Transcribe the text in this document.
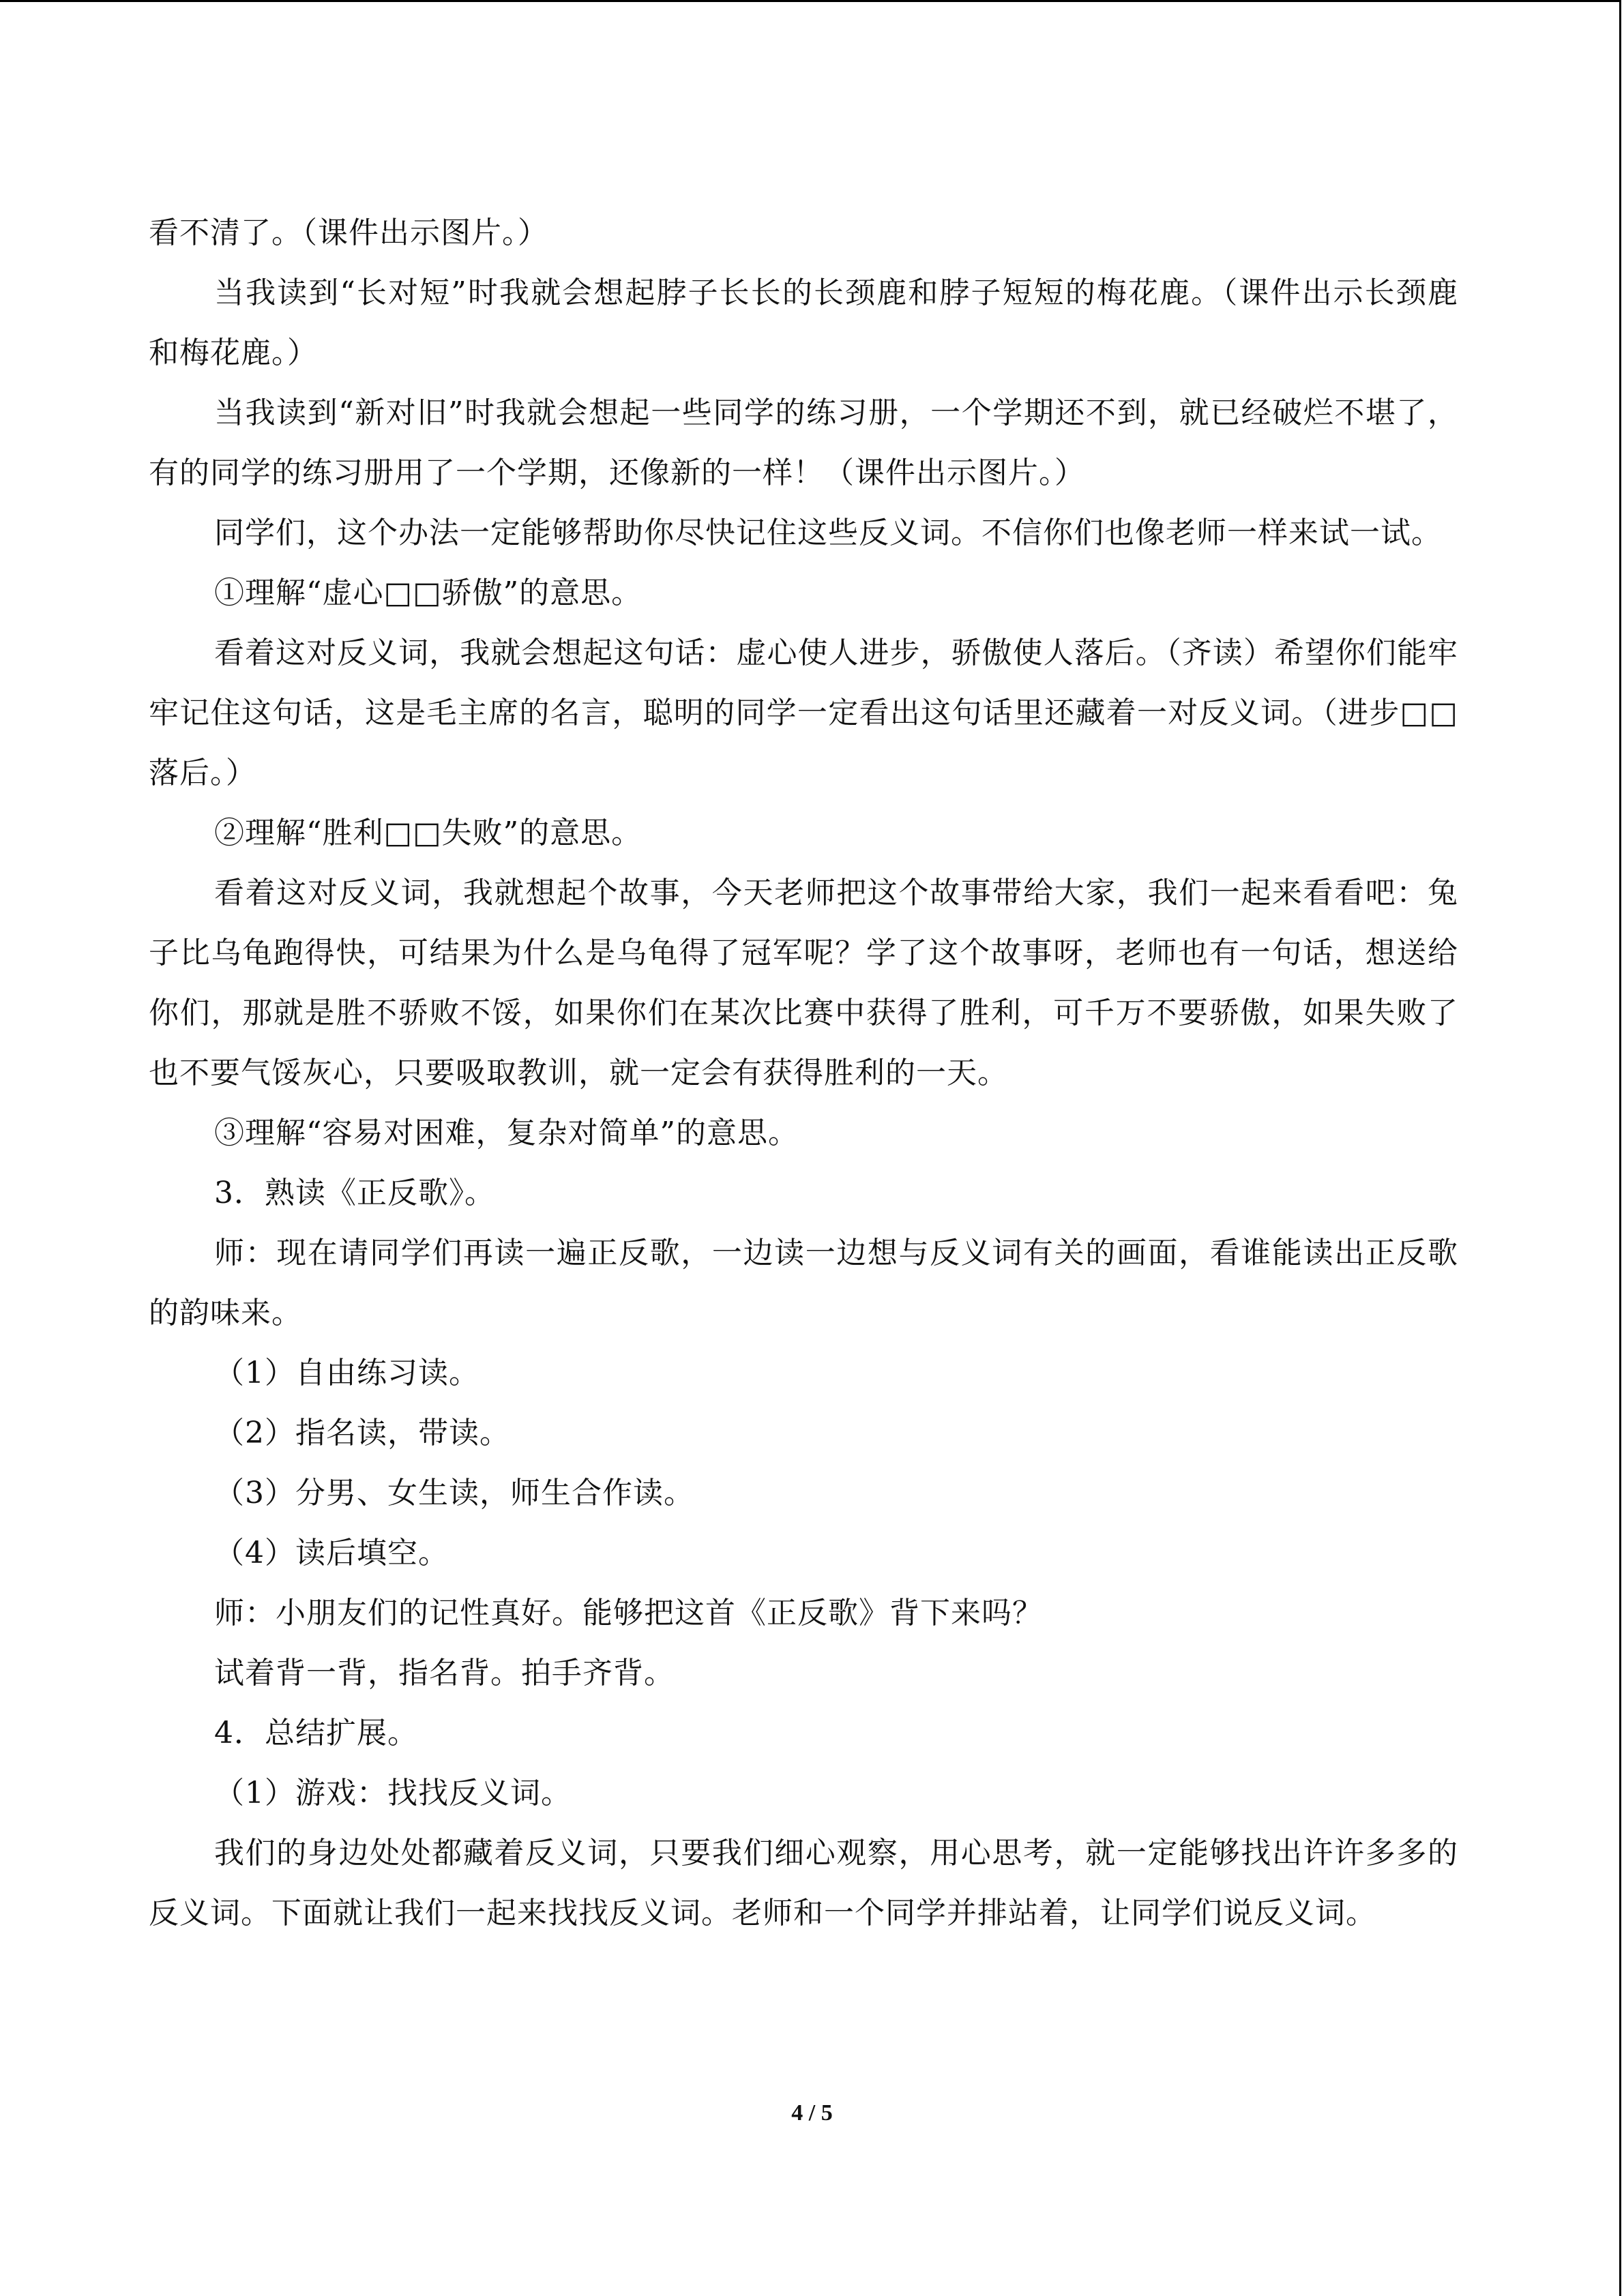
看不清了。（课件出示图片。）

当我读到“长对短”时我就会想起脖子长长的长颈鹿和脖子短短的梅花鹿。（课件出示长颈鹿和梅花鹿。）

当我读到“新对旧”时我就会想起一些同学的练习册，一个学期还不到，就已经破烂不堪了，有的同学的练习册用了一个学期，还像新的一样！（课件出示图片。）

同学们，这个办法一定能够帮助你尽快记住这些反义词。不信你们也像老师一样来试一试。

①理解“虚心□□骄傲”的意思。

看着这对反义词，我就会想起这句话：虚心使人进步，骄傲使人落后。（齐读）希望你们能牢牢记住这句话，这是毛主席的名言，聪明的同学一定看出这句话里还藏着一对反义词。（进步□□落后。）

②理解“胜利□□失败”的意思。

看着这对反义词，我就想起个故事，今天老师把这个故事带给大家，我们一起来看看吧：兔子比乌龟跑得快，可结果为什么是乌龟得了冠军呢？学了这个故事呀，老师也有一句话，想送给你们，那就是胜不骄败不馁，如果你们在某次比赛中获得了胜利，可千万不要骄傲，如果失败了也不要气馁灰心，只要吸取教训，就一定会有获得胜利的一天。

③理解“容易对困难，复杂对简单”的意思。

3．熟读《正反歌》。

师：现在请同学们再读一遍正反歌，一边读一边想与反义词有关的画面，看谁能读出正反歌的韵味来。

（1）自由练习读。

（2）指名读，带读。

（3）分男、女生读，师生合作读。

（4）读后填空。

师：小朋友们的记性真好。能够把这首《正反歌》背下来吗？

试着背一背，指名背。拍手齐背。

4．总结扩展。

（1）游戏：找找反义词。

我们的身边处处都藏着反义词，只要我们细心观察，用心思考，就一定能够找出许许多多的反义词。下面就让我们一起来找找反义词。老师和一个同学并排站着，让同学们说反义词。

4 / 5
